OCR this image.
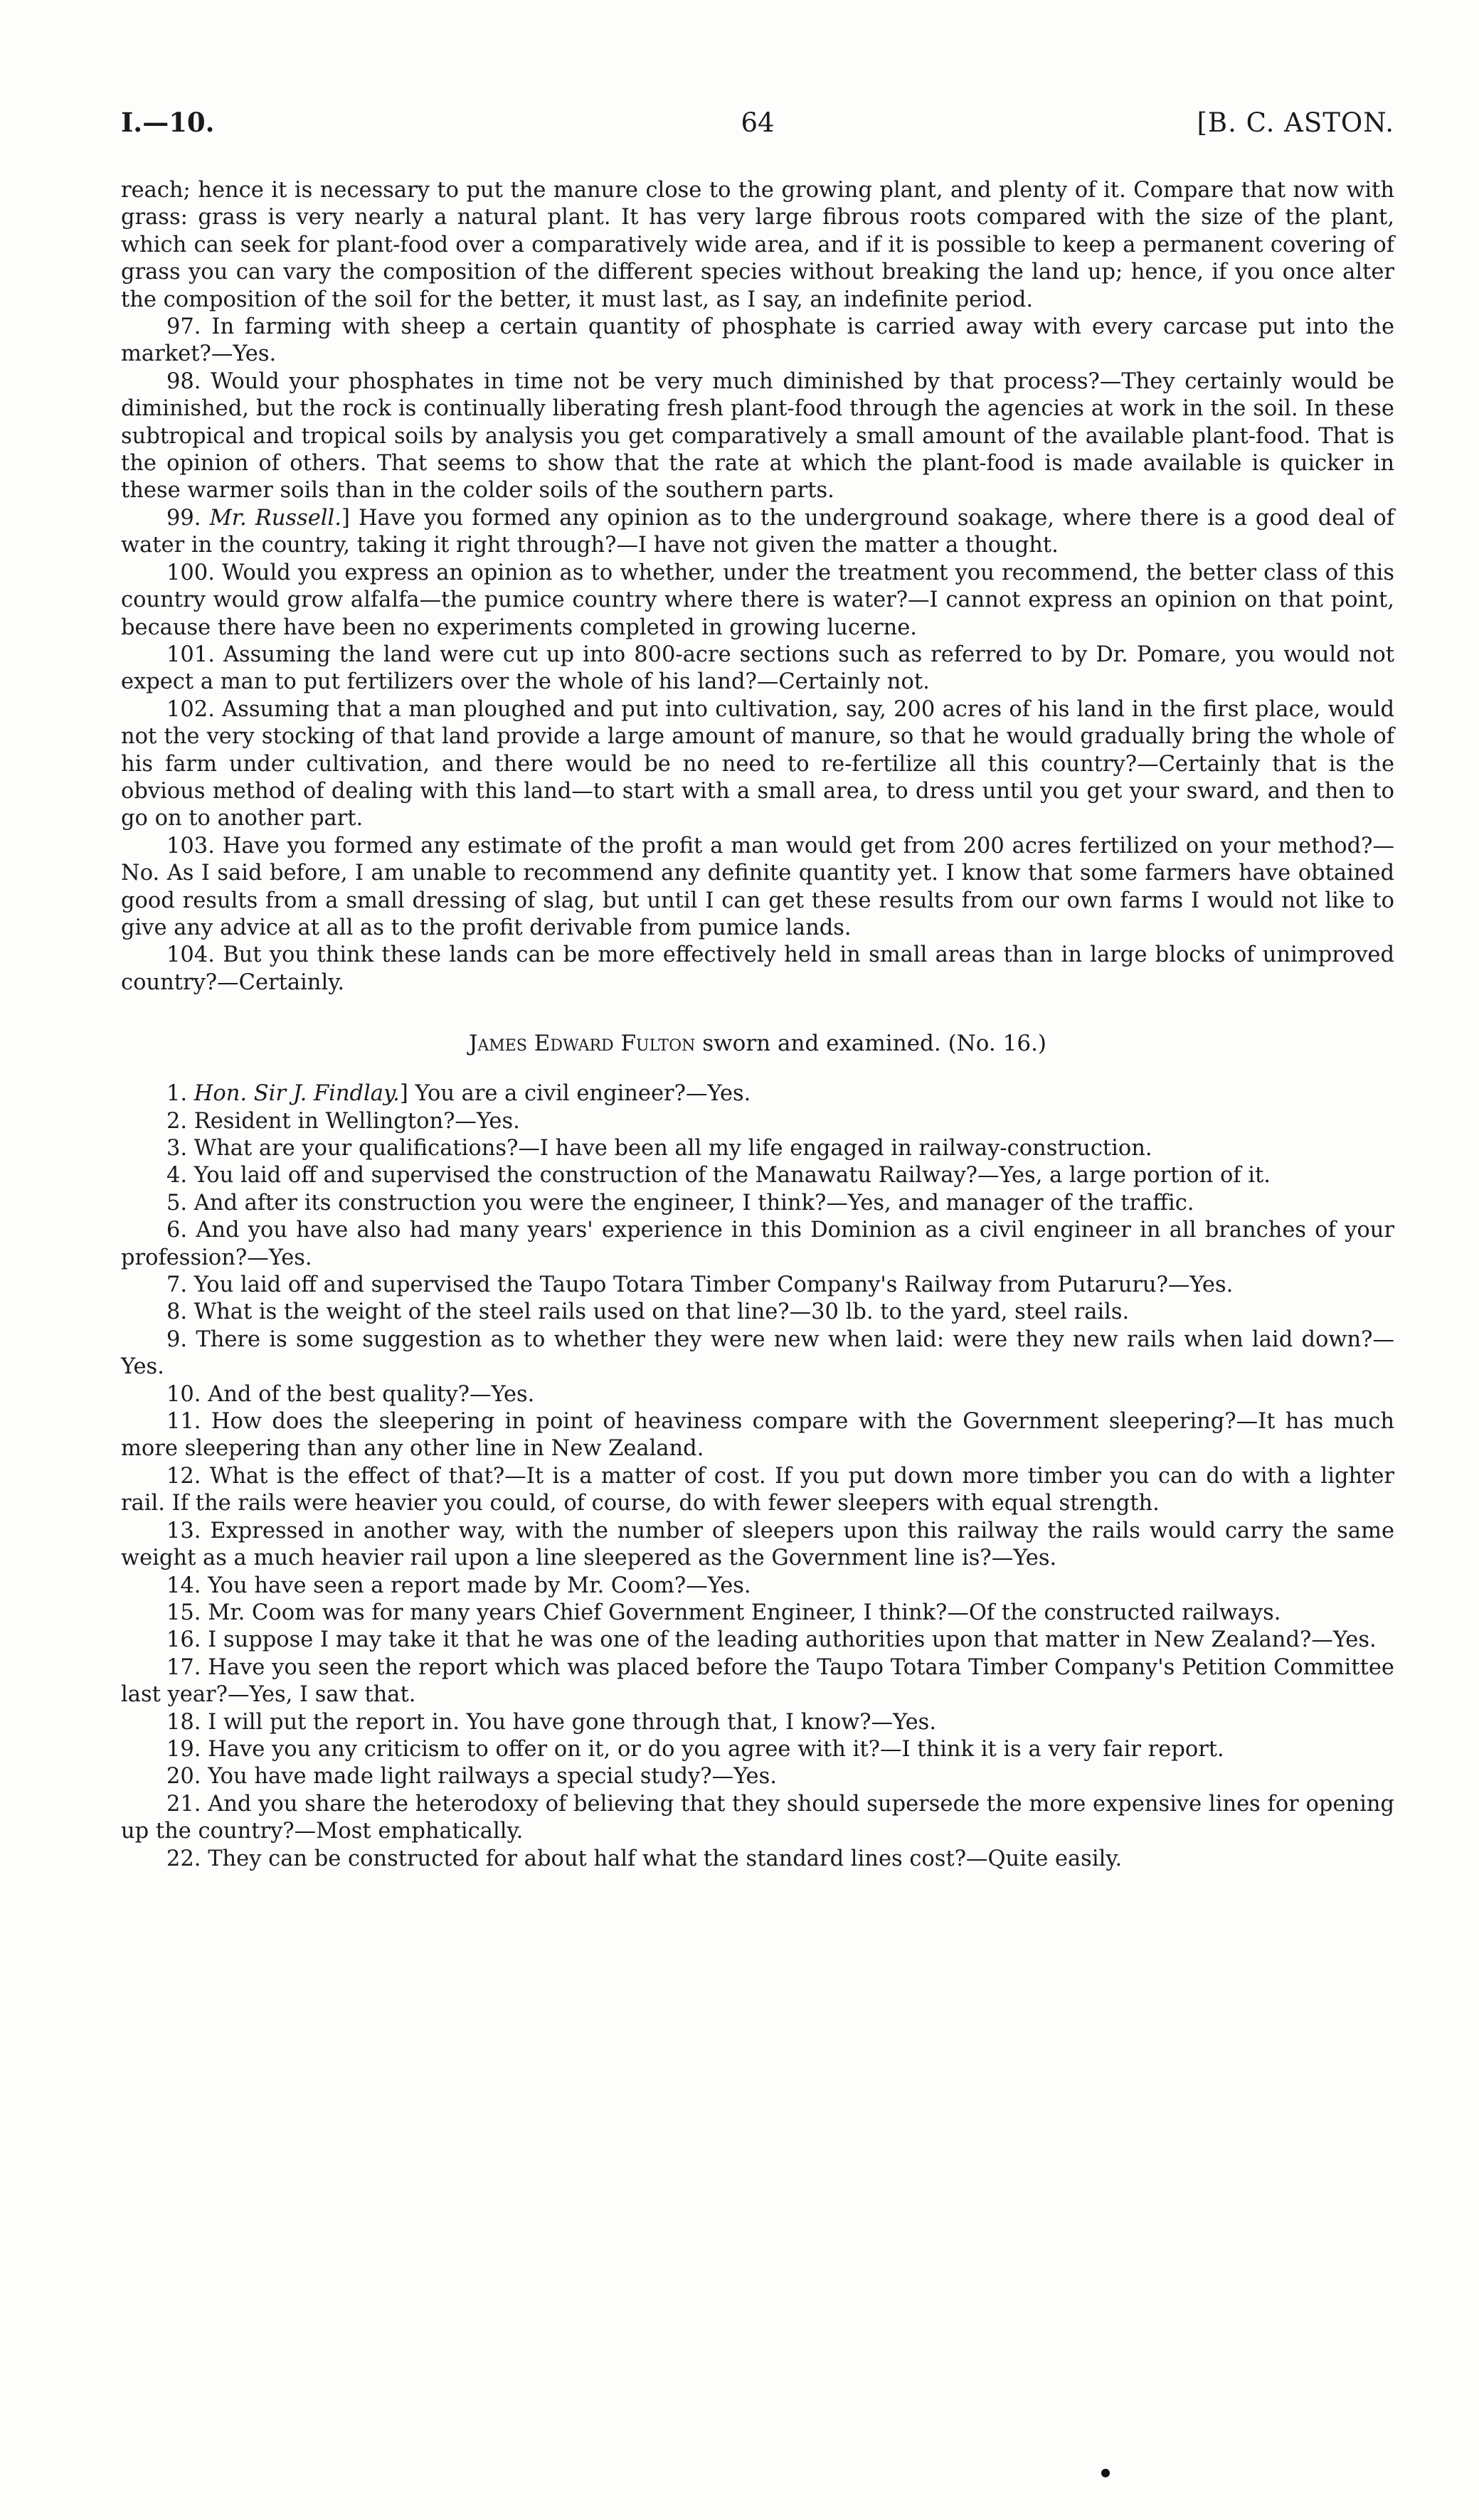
I.—10.	64	[B. C. ASTON.

reach; hence it is necessary to put the manure close to the growing plant, and plenty of it. Compare that now with grass: grass is very nearly a natural plant. It has very large fibrous roots compared with the size of the plant, which can seek for plant-food over a comparatively wide area, and if it is possible to keep a permanent covering of grass you can vary the composition of the different species without breaking the land up; hence, if you once alter the composition of the soil for the better, it must last, as I say, an indefinite period.

97. In farming with sheep a certain quantity of phosphate is carried away with every carcase put into the market?—Yes.

98. Would your phosphates in time not be very much diminished by that process?—They certainly would be diminished, but the rock is continually liberating fresh plant-food through the agencies at work in the soil. In these subtropical and tropical soils by analysis you get comparatively a small amount of the available plant-food. That is the opinion of others. That seems to show that the rate at which the plant-food is made available is quicker in these warmer soils than in the colder soils of the southern parts.

99. Mr. Russell.] Have you formed any opinion as to the underground soakage, where there is a good deal of water in the country, taking it right through?—I have not given the matter a thought.

100. Would you express an opinion as to whether, under the treatment you recommend, the better class of this country would grow alfalfa—the pumice country where there is water?—I cannot express an opinion on that point, because there have been no experiments completed in growing lucerne.

101. Assuming the land were cut up into 800-acre sections such as referred to by Dr. Pomare, you would not expect a man to put fertilizers over the whole of his land?—Certainly not.

102. Assuming that a man ploughed and put into cultivation, say, 200 acres of his land in the first place, would not the very stocking of that land provide a large amount of manure, so that he would gradually bring the whole of his farm under cultivation, and there would be no need to re-fertilize all this country?—Certainly that is the obvious method of dealing with this land—to start with a small area, to dress until you get your sward, and then to go on to another part.

103. Have you formed any estimate of the profit a man would get from 200 acres fertilized on your method?—No. As I said before, I am unable to recommend any definite quantity yet. I know that some farmers have obtained good results from a small dressing of slag, but until I can get these results from our own farms I would not like to give any advice at all as to the profit derivable from pumice lands.

104. But you think these lands can be more effectively held in small areas than in large blocks of unimproved country?—Certainly.

James Edward Fulton sworn and examined. (No. 16.)

1. Hon. Sir J. Findlay.] You are a civil engineer?—Yes.

2. Resident in Wellington?—Yes.

3. What are your qualifications?—I have been all my life engaged in railway-construction.

4. You laid off and supervised the construction of the Manawatu Railway?—Yes, a large portion of it.

5. And after its construction you were the engineer, I think?—Yes, and manager of the traffic.

6. And you have also had many years' experience in this Dominion as a civil engineer in all branches of your profession?—Yes.

7. You laid off and supervised the Taupo Totara Timber Company's Railway from Putaruru?—Yes.

8. What is the weight of the steel rails used on that line?—30 lb. to the yard, steel rails.

9. There is some suggestion as to whether they were new when laid: were they new rails when laid down?—Yes.

10. And of the best quality?—Yes.

11. How does the sleepering in point of heaviness compare with the Government sleepering?—It has much more sleepering than any other line in New Zealand.

12. What is the effect of that?—It is a matter of cost. If you put down more timber you can do with a lighter rail. If the rails were heavier you could, of course, do with fewer sleepers with equal strength.

13. Expressed in another way, with the number of sleepers upon this railway the rails would carry the same weight as a much heavier rail upon a line sleepered as the Government line is?—Yes.

14. You have seen a report made by Mr. Coom?—Yes.

15. Mr. Coom was for many years Chief Government Engineer, I think?—Of the constructed railways.

16. I suppose I may take it that he was one of the leading authorities upon that matter in New Zealand?—Yes.

17. Have you seen the report which was placed before the Taupo Totara Timber Company's Petition Committee last year?—Yes, I saw that.

18. I will put the report in. You have gone through that, I know?—Yes.

19. Have you any criticism to offer on it, or do you agree with it?—I think it is a very fair report.

20. You have made light railways a special study?—Yes.

21. And you share the heterodoxy of believing that they should supersede the more expensive lines for opening up the country?—Most emphatically.

22. They can be constructed for about half what the standard lines cost?—Quite easily.
